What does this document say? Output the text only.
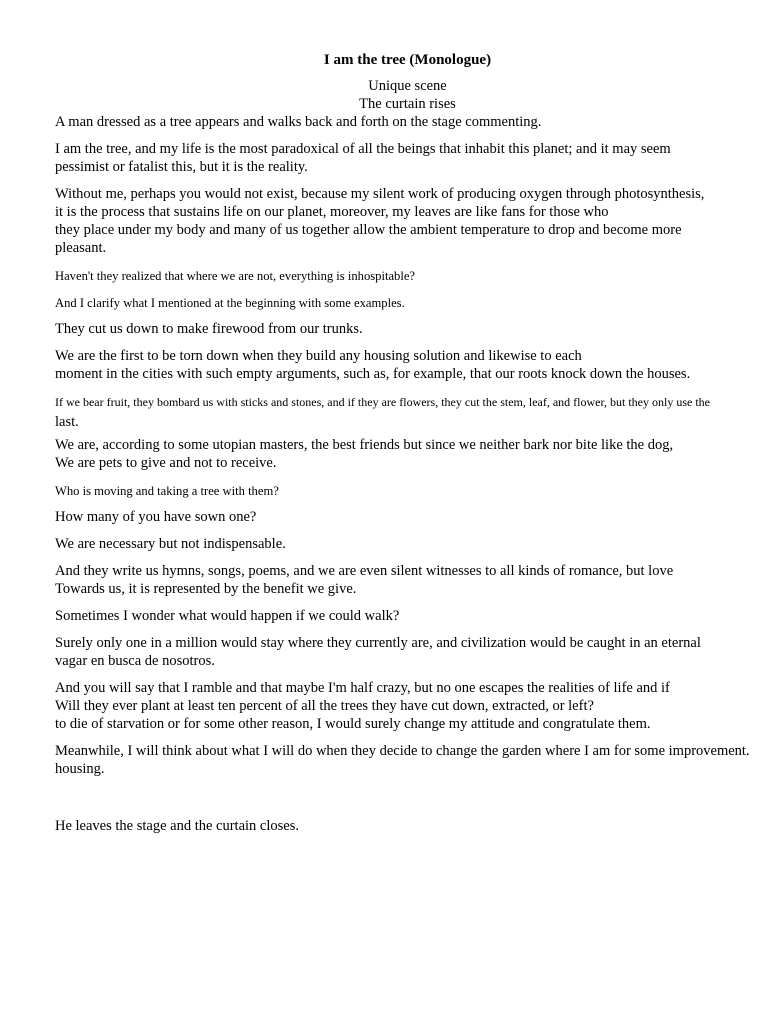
I am the tree (Monologue)
Unique scene
The curtain rises
A man dressed as a tree appears and walks back and forth on the stage commenting.
I am the tree, and my life is the most paradoxical of all the beings that inhabit this planet; and it may seem
pessimist or fatalist this, but it is the reality.
Without me, perhaps you would not exist, because my silent work of producing oxygen through photosynthesis,
it is the process that sustains life on our planet, moreover, my leaves are like fans for those who
they place under my body and many of us together allow the ambient temperature to drop and become more
pleasant.
Haven't they realized that where we are not, everything is inhospitable?
And I clarify what I mentioned at the beginning with some examples.
They cut us down to make firewood from our trunks.
We are the first to be torn down when they build any housing solution and likewise to each
moment in the cities with such empty arguments, such as, for example, that our roots knock down the houses.
If we bear fruit, they bombard us with sticks and stones, and if they are flowers, they cut the stem, leaf, and flower, but they only use the
last.
We are, according to some utopian masters, the best friends but since we neither bark nor bite like the dog,
We are pets to give and not to receive.
Who is moving and taking a tree with them?
How many of you have sown one?
We are necessary but not indispensable.
And they write us hymns, songs, poems, and we are even silent witnesses to all kinds of romance, but love
Towards us, it is represented by the benefit we give.
Sometimes I wonder what would happen if we could walk?
Surely only one in a million would stay where they currently are, and civilization would be caught in an eternal
vagar en busca de nosotros.
And you will say that I ramble and that maybe I'm half crazy, but no one escapes the realities of life and if
Will they ever plant at least ten percent of all the trees they have cut down, extracted, or left?
to die of starvation or for some other reason, I would surely change my attitude and congratulate them.
Meanwhile, I will think about what I will do when they decide to change the garden where I am for some improvement.
housing.
He leaves the stage and the curtain closes.
